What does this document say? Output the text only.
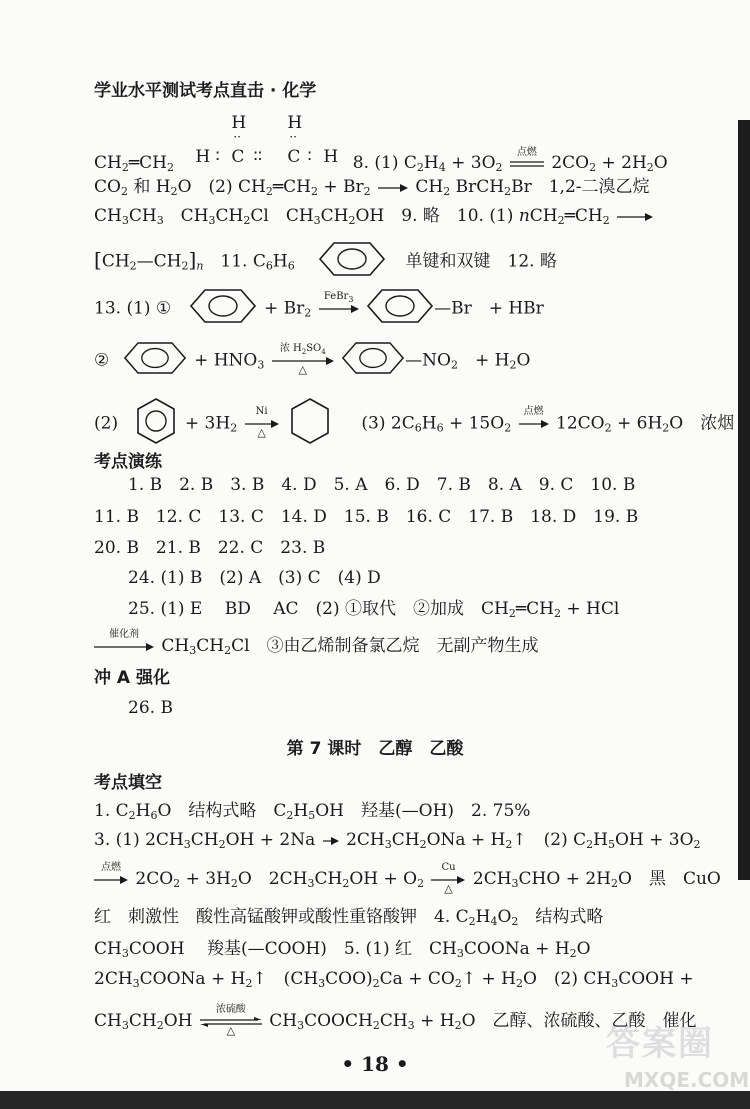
学业水平测试考点直击 · 化学
$CH_2═CH_2$
H ∶ C
H
··
∶∶ C
H
··
∶ H 8. (1) $C_2H_4 + 3O_2$
点燃
$2CO_2 + 2H_2O$
$CO_2$ 和 $H_2O$　(2) $CH_2═CH_2 + Br_2 \to CH_2$ BrCH$_2$Br　1,2-二溴乙烷
$CH_3CH_3$　$CH_3CH_2Cl$　$CH_3CH_2OH$　9. 略　10. (1) $nCH_2═CH_2$ →
$[CH_2—CH_2]_n$　11. $C_6H_6$	单键和双键　12. 略
13. (1) ①	+ $Br_2$
FeBr$_3$	—Br　+ HBr
②	+ $HNO_3$
浓 $H_2SO_4$
△	$—NO_2$　+ $H_2O$
(2)	+ $3H_2$
Ni
△	(3) $2C_6H_6 + 15O_2$
点燃
$12CO_2 + 6H_2O$　浓烟
考点演练
1. B　2. B　3. B　4. D　5. A　6. D　7. B　8. A　9. C　10. B
11. B　12. C　13. C　14. D　15. B　16. C　17. B　18. D　19. B
20. B　21. B　22. C　23. B
24. (1) B　(2) A　(3) C　(4) D
25. (1) E　 BD　 AC　(2) ①取代　②加成　$CH_2═CH_2$ + HCl
催化剂
$CH_3CH_2Cl$　③由乙烯制备氯乙烷　无副产物生成
冲 A 强化
26. B
第 7 课时　乙醇　乙酸
考点填空
1. $C_2H_6O$　结构式略　$C_2H_5OH$　羟基(—OH)　2. 75%
3. (1) $2CH_3CH_2OH + 2Na \to 2CH_3CH_2ONa$ + $H_2↑$　(2) $C_2H_5OH + 3O_2$
点燃
$2CO_2 + 3H_2O$　$2CH_3CH_2OH + O_2$
Cu
△	$2CH_3CHO + 2H_2O$　黑　CuO
红　刺激性　酸性高锰酸钾或酸性重铬酸钾　4. $C_2H_4O_2$　结构式略
$CH_3COOH$　 羧基(—COOH)　5. (1) 红　$CH_3COONa + H_2O$
$2CH_3COONa$ + $H_2↑$　$(CH_3COO)_2Ca$ + $CO_2↑ + H_2O$　(2) $CH_3COOH$ +
$CH_3CH_2OH$
浓硫酸
△	$CH_3COOCH_2CH_3 + H_2O$　乙醇、浓硫酸、乙酸　催化
• 18 •	答案圈
MXQE.COM
